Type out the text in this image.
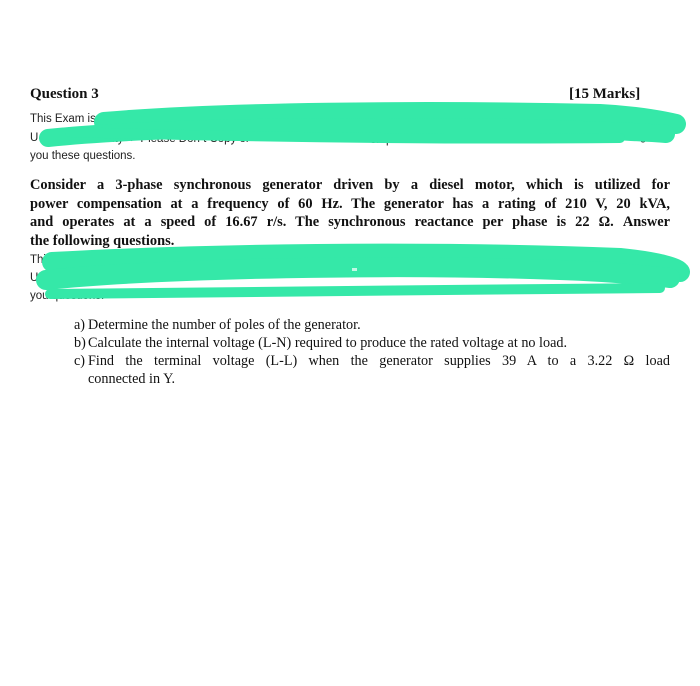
Question 3	[15 Marks]
This Exam is m	ot
U	ity -> Please Don t Copy or	ompute	gned
you these questions.
Consider a 3-phase synchronous generator driven by a diesel motor, which is utilized for
power compensation at a frequency of 60 Hz. The generator has a rating of 210 V, 20 kVA,
and operates at a speed of 16.67 r/s. The synchronous reactance per phase is 22 Ω. Answer
the following questions.
This
Us	ned
you questions.
a) Determine the number of poles of the generator.
b) Calculate the internal voltage (L-N) required to produce the rated voltage at no load.
c) Find the terminal voltage (L-L) when the generator supplies 39 A to a 3.22 Ω load
connected in Y.
